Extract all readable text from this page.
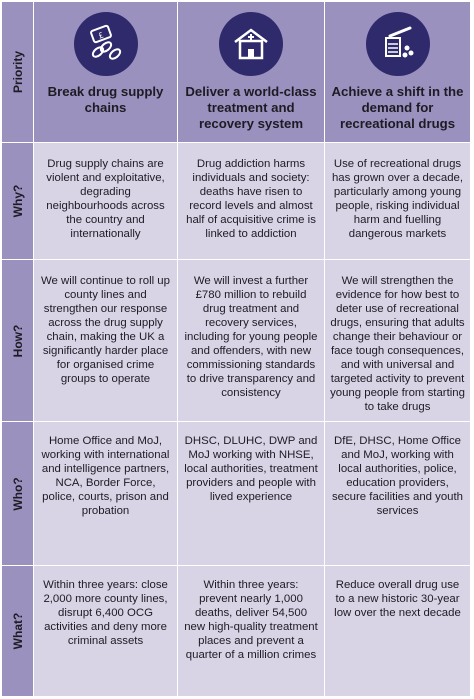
Priority
£
Break drug supply chains
Deliver a world-class treatment and recovery system
Achieve a shift in the demand for recreational drugs
Why?
Drug supply chains are violent and exploitative, degrading neighbourhoods across the country and internationally
Drug addiction harms individuals and society: deaths have risen to record levels and almost half of acquisitive crime is linked to addiction
Use of recreational drugs has grown over a decade, particularly among young people, risking individual harm and fuelling dangerous markets
How?
We will continue to roll up county lines and strengthen our response across the drug supply chain, making the UK a significantly harder place for organised crime groups to operate
We will invest a further £780 million to rebuild drug treatment and recovery services, including for young people and offenders, with new commissioning standards to drive transparency and consistency
We will strengthen the evidence for how best to deter use of recreational drugs, ensuring that adults change their behaviour or face tough consequences, and with universal and targeted activity to prevent young people from starting to take drugs
Who?
Home Office and MoJ, working with international and intelligence partners, NCA, Border Force, police, courts, prison and probation
DHSC, DLUHC, DWP and MoJ working with NHSE, local authorities, treatment providers and people with lived experience
DfE, DHSC, Home Office and MoJ, working with local authorities, police, education providers, secure facilities and youth services
What?
Within three years: close 2,000 more county lines, disrupt 6,400 OCG activities and deny more criminal assets
Within three years: prevent nearly 1,000 deaths, deliver 54,500 new high-quality treatment places and prevent a quarter of a million crimes
Reduce overall drug use to a new historic 30-year low over the next decade
